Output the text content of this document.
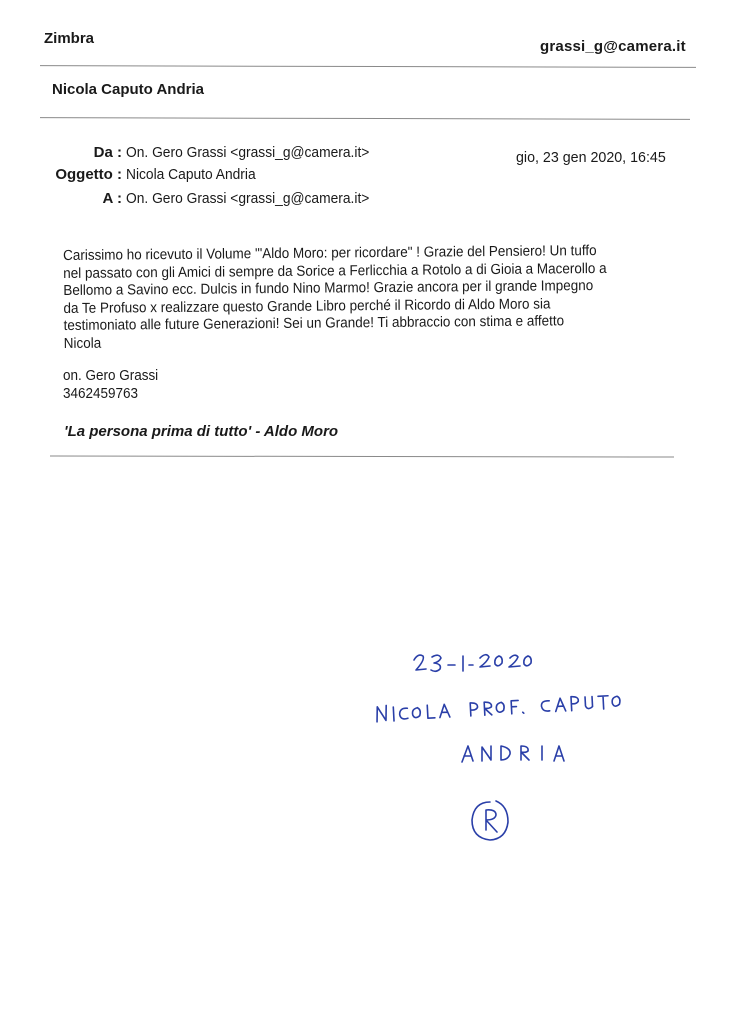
Zimbra	grassi_g@camera.it
Nicola Caputo Andria
Da : On. Gero Grassi <grassi_g@camera.it>
Oggetto : Nicola Caputo Andria
A : On. Gero Grassi <grassi_g@camera.it>
gio, 23 gen 2020, 16:45
Carissimo ho ricevuto il Volume '"Aldo Moro: per ricordare" ! Grazie del Pensiero! Un tuffo
nel passato con gli Amici di sempre da Sorice a Ferlicchia a Rotolo a di Gioia a Macerollo a
Bellomo a Savino ecc. Dulcis in fundo Nino Marmo! Grazie ancora per il grande Impegno
da Te Profuso x realizzare questo Grande Libro perché il Ricordo di Aldo Moro sia
testimoniato alle future Generazioni! Sei un Grande! Ti abbraccio con stima e affetto
Nicola
on. Gero Grassi
3462459763
'La persona prima di tutto' - Aldo Moro
